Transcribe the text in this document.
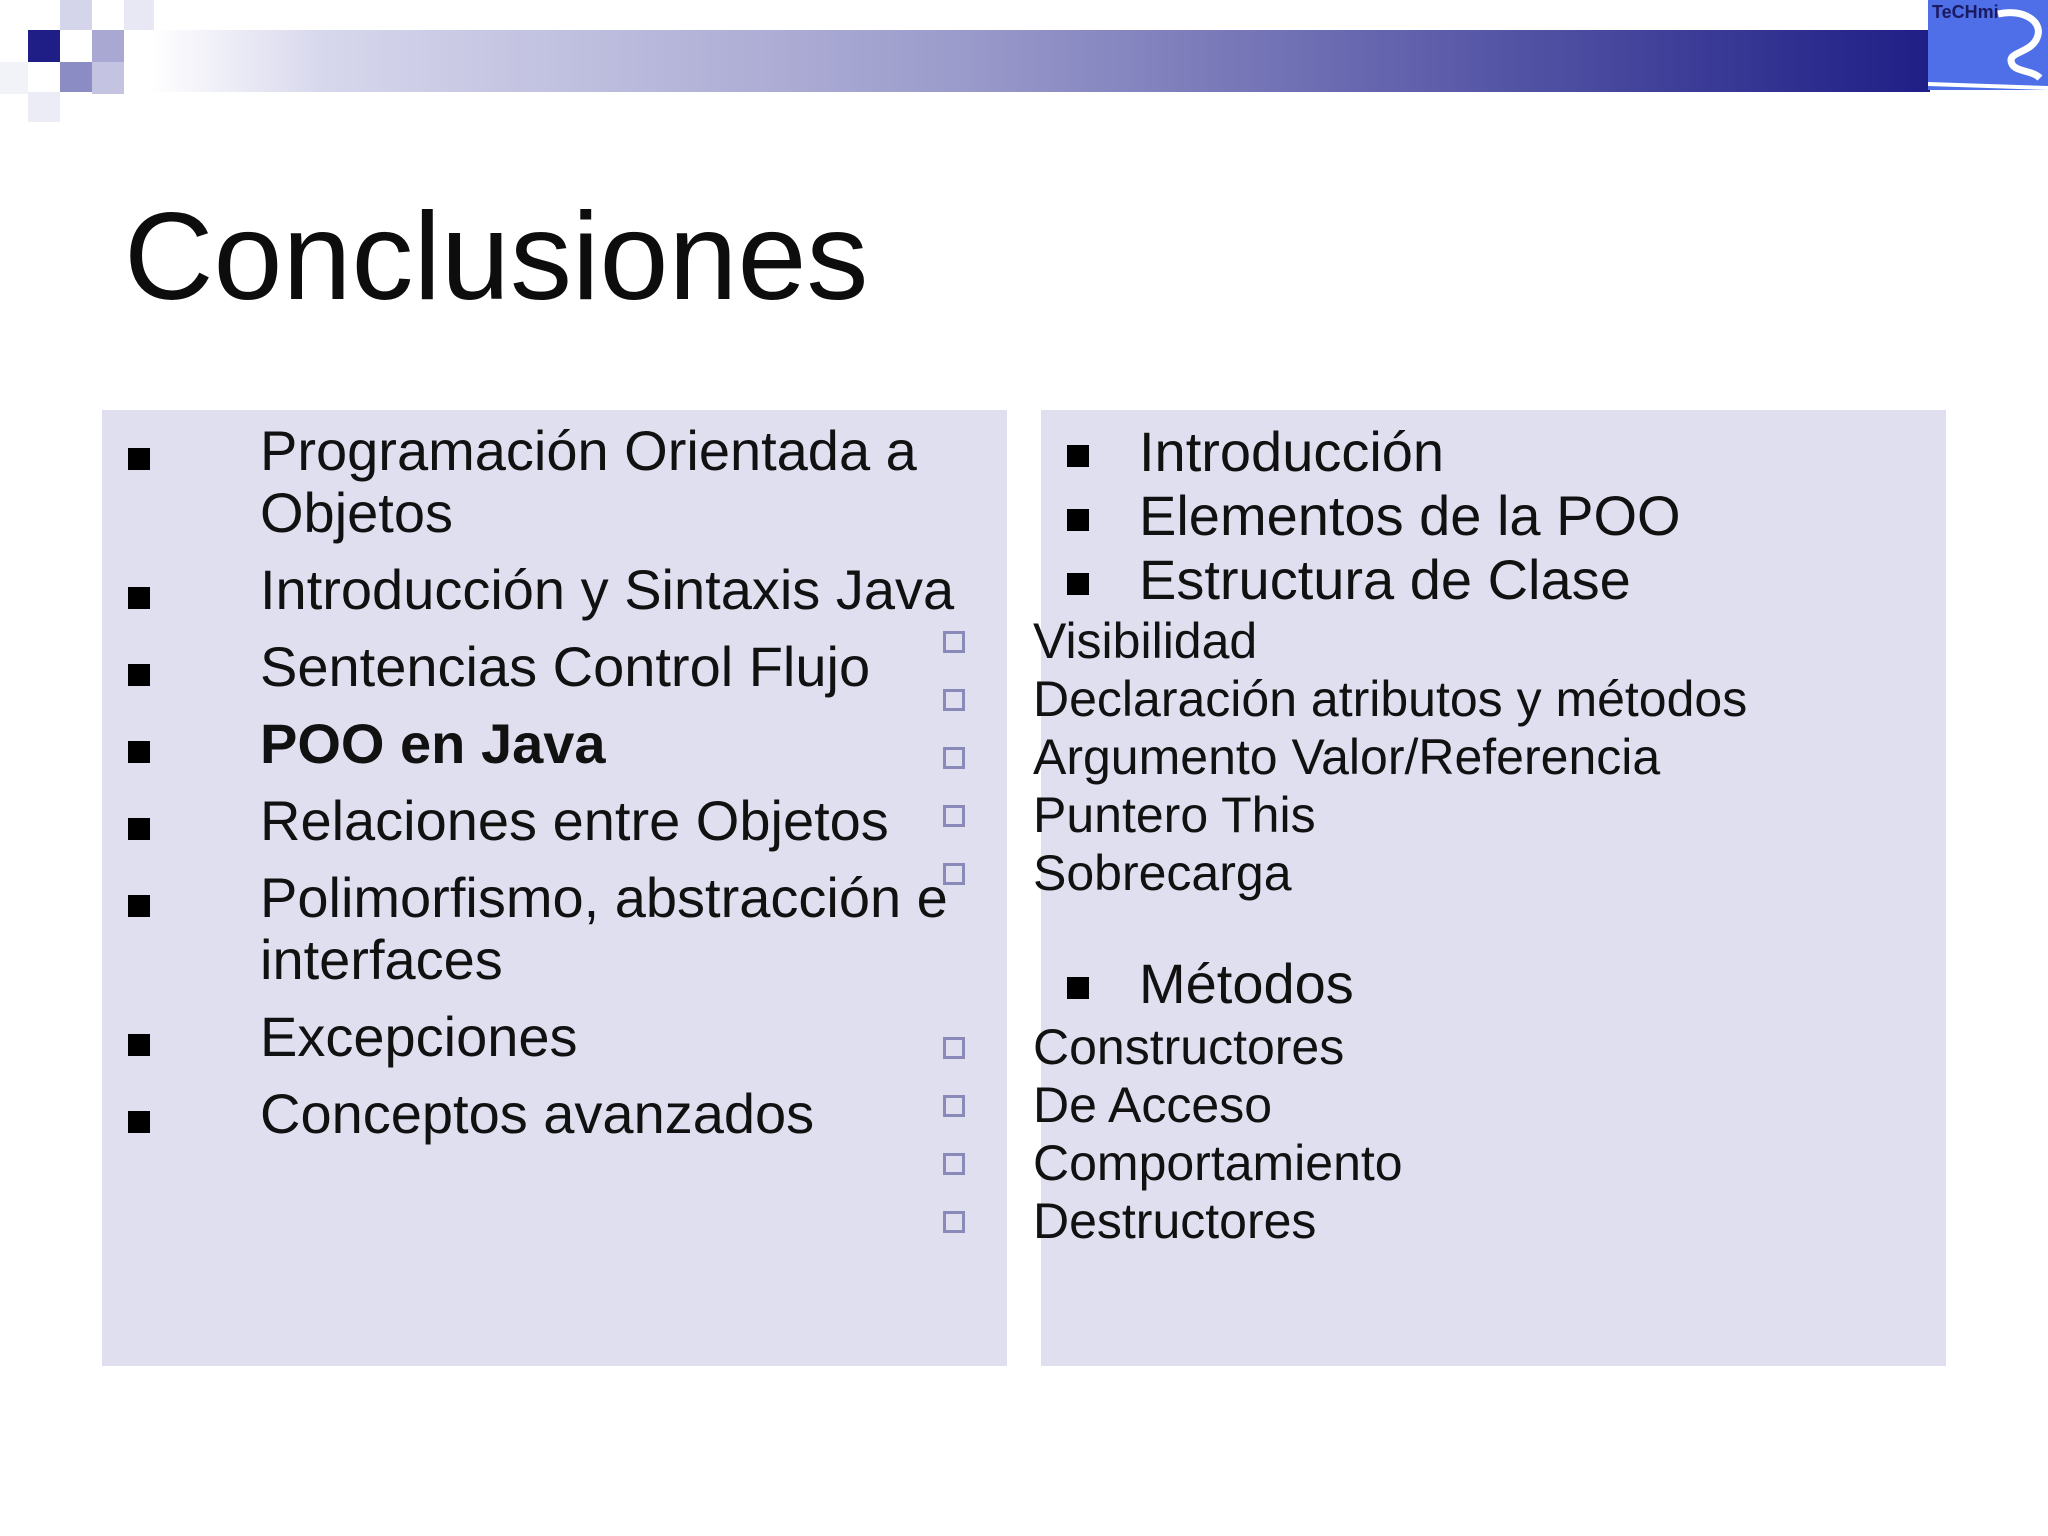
TeCHmi
Conclusiones
Programación Orientada a Objetos
Introducción y Sintaxis Java
Sentencias Control Flujo
POO en Java
Relaciones entre Objetos
Polimorfismo, abstracción e interfaces
Excepciones
Conceptos avanzados
Introducción
Elementos de la POO
Estructura de Clase
Visibilidad
Declaración atributos y métodos
Argumento Valor/Referencia
Puntero This
Sobrecarga
Métodos
Constructores
De Acceso
Comportamiento
Destructores
